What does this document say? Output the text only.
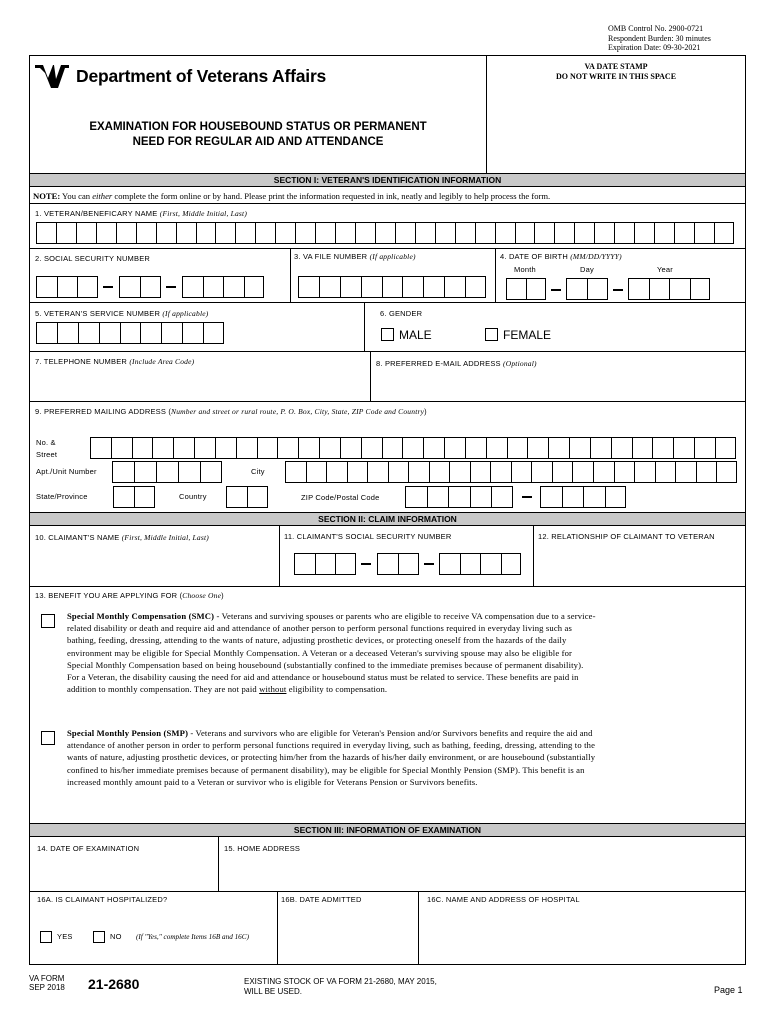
OMB Control No. 2900-0721
Respondent Burden: 30 minutes
Expiration Date: 09-30-2021
Department of Veterans Affairs	VA DATE STAMP
DO NOT WRITE IN THIS SPACE
EXAMINATION FOR HOUSEBOUND STATUS OR PERMANENT
NEED FOR REGULAR AID AND ATTENDANCE
SECTION I: VETERAN'S IDENTIFICATION INFORMATION
NOTE: You can either complete the form online or by hand. Please print the information requested in ink, neatly and legibly to help process the form.
1. VETERAN/BENEFICARY NAME (First, Middle Initial, Last)
2. SOCIAL SECURITY NUMBER	3. VA FILE NUMBER (If applicable)	4. DATE OF BIRTH (MM/DD/YYYY)
Month	Day	Year
5. VETERAN'S SERVICE NUMBER (If applicable)	6. GENDER
MALE	FEMALE
7. TELEPHONE NUMBER (Include Area Code)	8. PREFERRED E-MAIL ADDRESS (Optional)
9. PREFERRED MAILING ADDRESS (Number and street or rural route, P. O. Box, City, State, ZIP Code and Country)
No. &
Street
Apt./Unit Number	City
State/Province	Country	ZIP Code/Postal Code
SECTION II: CLAIM INFORMATION
10. CLAIMANT'S NAME (First, Middle Initial, Last)	11. CLAIMANT'S SOCIAL SECURITY NUMBER	12. RELATIONSHIP OF CLAIMANT TO VETERAN
13. BENEFIT YOU ARE APPLYING FOR (Choose One)
Special Monthly Compensation (SMC) - Veterans and surviving spouses or parents who are eligible to receive VA compensation due to a service-
related disability or death and require aid and attendance of another person to perform personal functions required in everyday living such as
bathing, feeding, dressing, attending to the wants of nature, adjusting prosthetic devices, or protecting oneself from the hazards of the daily
environment may be eligible for Special Monthly Compensation. A Veteran or a deceased Veteran's surviving spouse may also be eligible for
Special Monthly Compensation based on being housebound (substantially confined to the immediate premises because of permanent disability).
For a Veteran, the disability causing the need for aid and attendance or housebound status must be related to service. These benefits are paid in
addition to monthly compensation. They are not paid without eligibility to compensation.
Special Monthly Pension (SMP) - Veterans and survivors who are eligible for Veteran's Pension and/or Survivors benefits and require the aid and
attendance of another person in order to perform personal functions required in everyday living, such as bathing, feeding, dressing, attending to the
wants of nature, adjusting prosthetic devices, or protecting him/her from the hazards of his/her daily environment, or are housebound (substantially
confined to his/her immediate premises because of permanent disability), may be eligible for Special Monthly Pension (SMP). This benefit is an
increased monthly amount paid to a Veteran or survivor who is eligible for Veterans Pension or Survivors benefits.
SECTION III: INFORMATION OF EXAMINATION
14. DATE OF EXAMINATION	15. HOME ADDRESS
16A. IS CLAIMANT HOSPITALIZED?	16B. DATE ADMITTED	16C. NAME AND ADDRESS OF HOSPITAL
YES	NO (If "Yes," complete Items 16B and 16C)
VA FORM
SEP 2018 21-2680	EXISTING STOCK OF VA FORM 21-2680, MAY 2015,
WILL BE USED.	Page 1
